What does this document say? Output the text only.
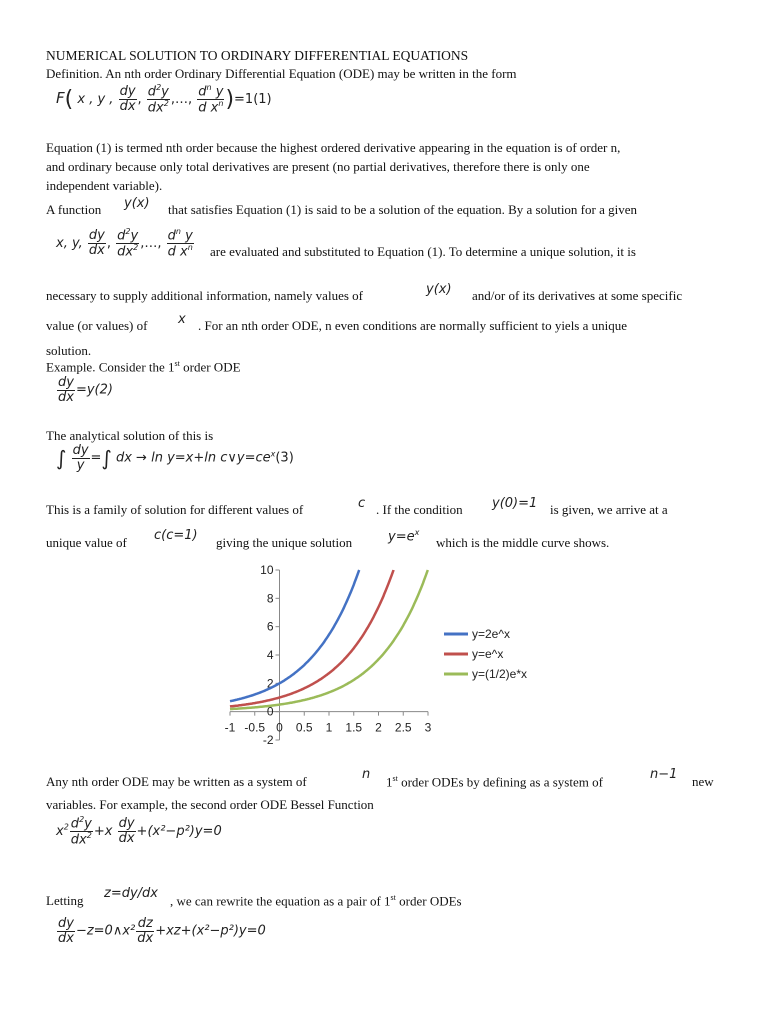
NUMERICAL SOLUTION TO ORDINARY DIFFERENTIAL EQUATIONS
Definition. An nth order Ordinary Differential Equation (ODE) may be written in the form
F( x , y , $\frac{dy}{dx}$ , $\frac{d^2y}{dx^2}$ ,…, $\frac{d^n y}{d x^n} )=1(1)$
Equation (1) is termed nth order because the highest ordered derivative appearing in the equation is of order n,
and ordinary because only total derivatives are present (no partial derivatives, therefore there is only one
independent variable).
A function y(x) that satisfies Equation (1) is said to be a solution of the equation. By a solution for a given
x, y, $\frac{dy}{dx}$ , $\frac{d^2y}{dx^2}$ ,…, $\frac{d^n y}{d x^n}$ are evaluated and substituted to Equation (1). To determine a unique solution, it is
necessary to supply additional information, namely values of	y(x) and/or of its derivatives at some specific
value (or values) of x . For an nth order ODE, n even conditions are normally sufficient to yiels a unique
solution.
Example. Consider the 1st order ODE
$\frac{dy}{dx} =y(2)$
The analytical solution of this is
∫ $\frac{dy}{y}$ =∫ dx → ln y=x+ln $c\vee y=ce^x(3)$
This is a family of solution for different values of	c . If the condition y(0)=1 is given, we arrive at a
unique value of c(c=1) giving the unique solution	$y=e^x$
which is the middle curve shows.
-2
0
2
4
6
8
10
-1 -0.5 0 0.5 1 1.5 2 2.5 3
y=2e^x
y=e^x
y=(1/2)e*x
Any nth order ODE may be written as a system of	n 1st order ODEs by defining as a system of	n−1 new
variables. For example, the second order ODE Bessel Function
$x^2 \frac{d^2y}{dx^2} +x \frac{dy}{dx} +(x^2-p^2)y=0$
Letting z=dy/dx , we can rewrite the equation as a pair of 1st order ODEs
$\frac{dy}{dx}$ −z=0∧x² $\frac{dz}{dx} +xz+(x^2-p^2)y=0$
